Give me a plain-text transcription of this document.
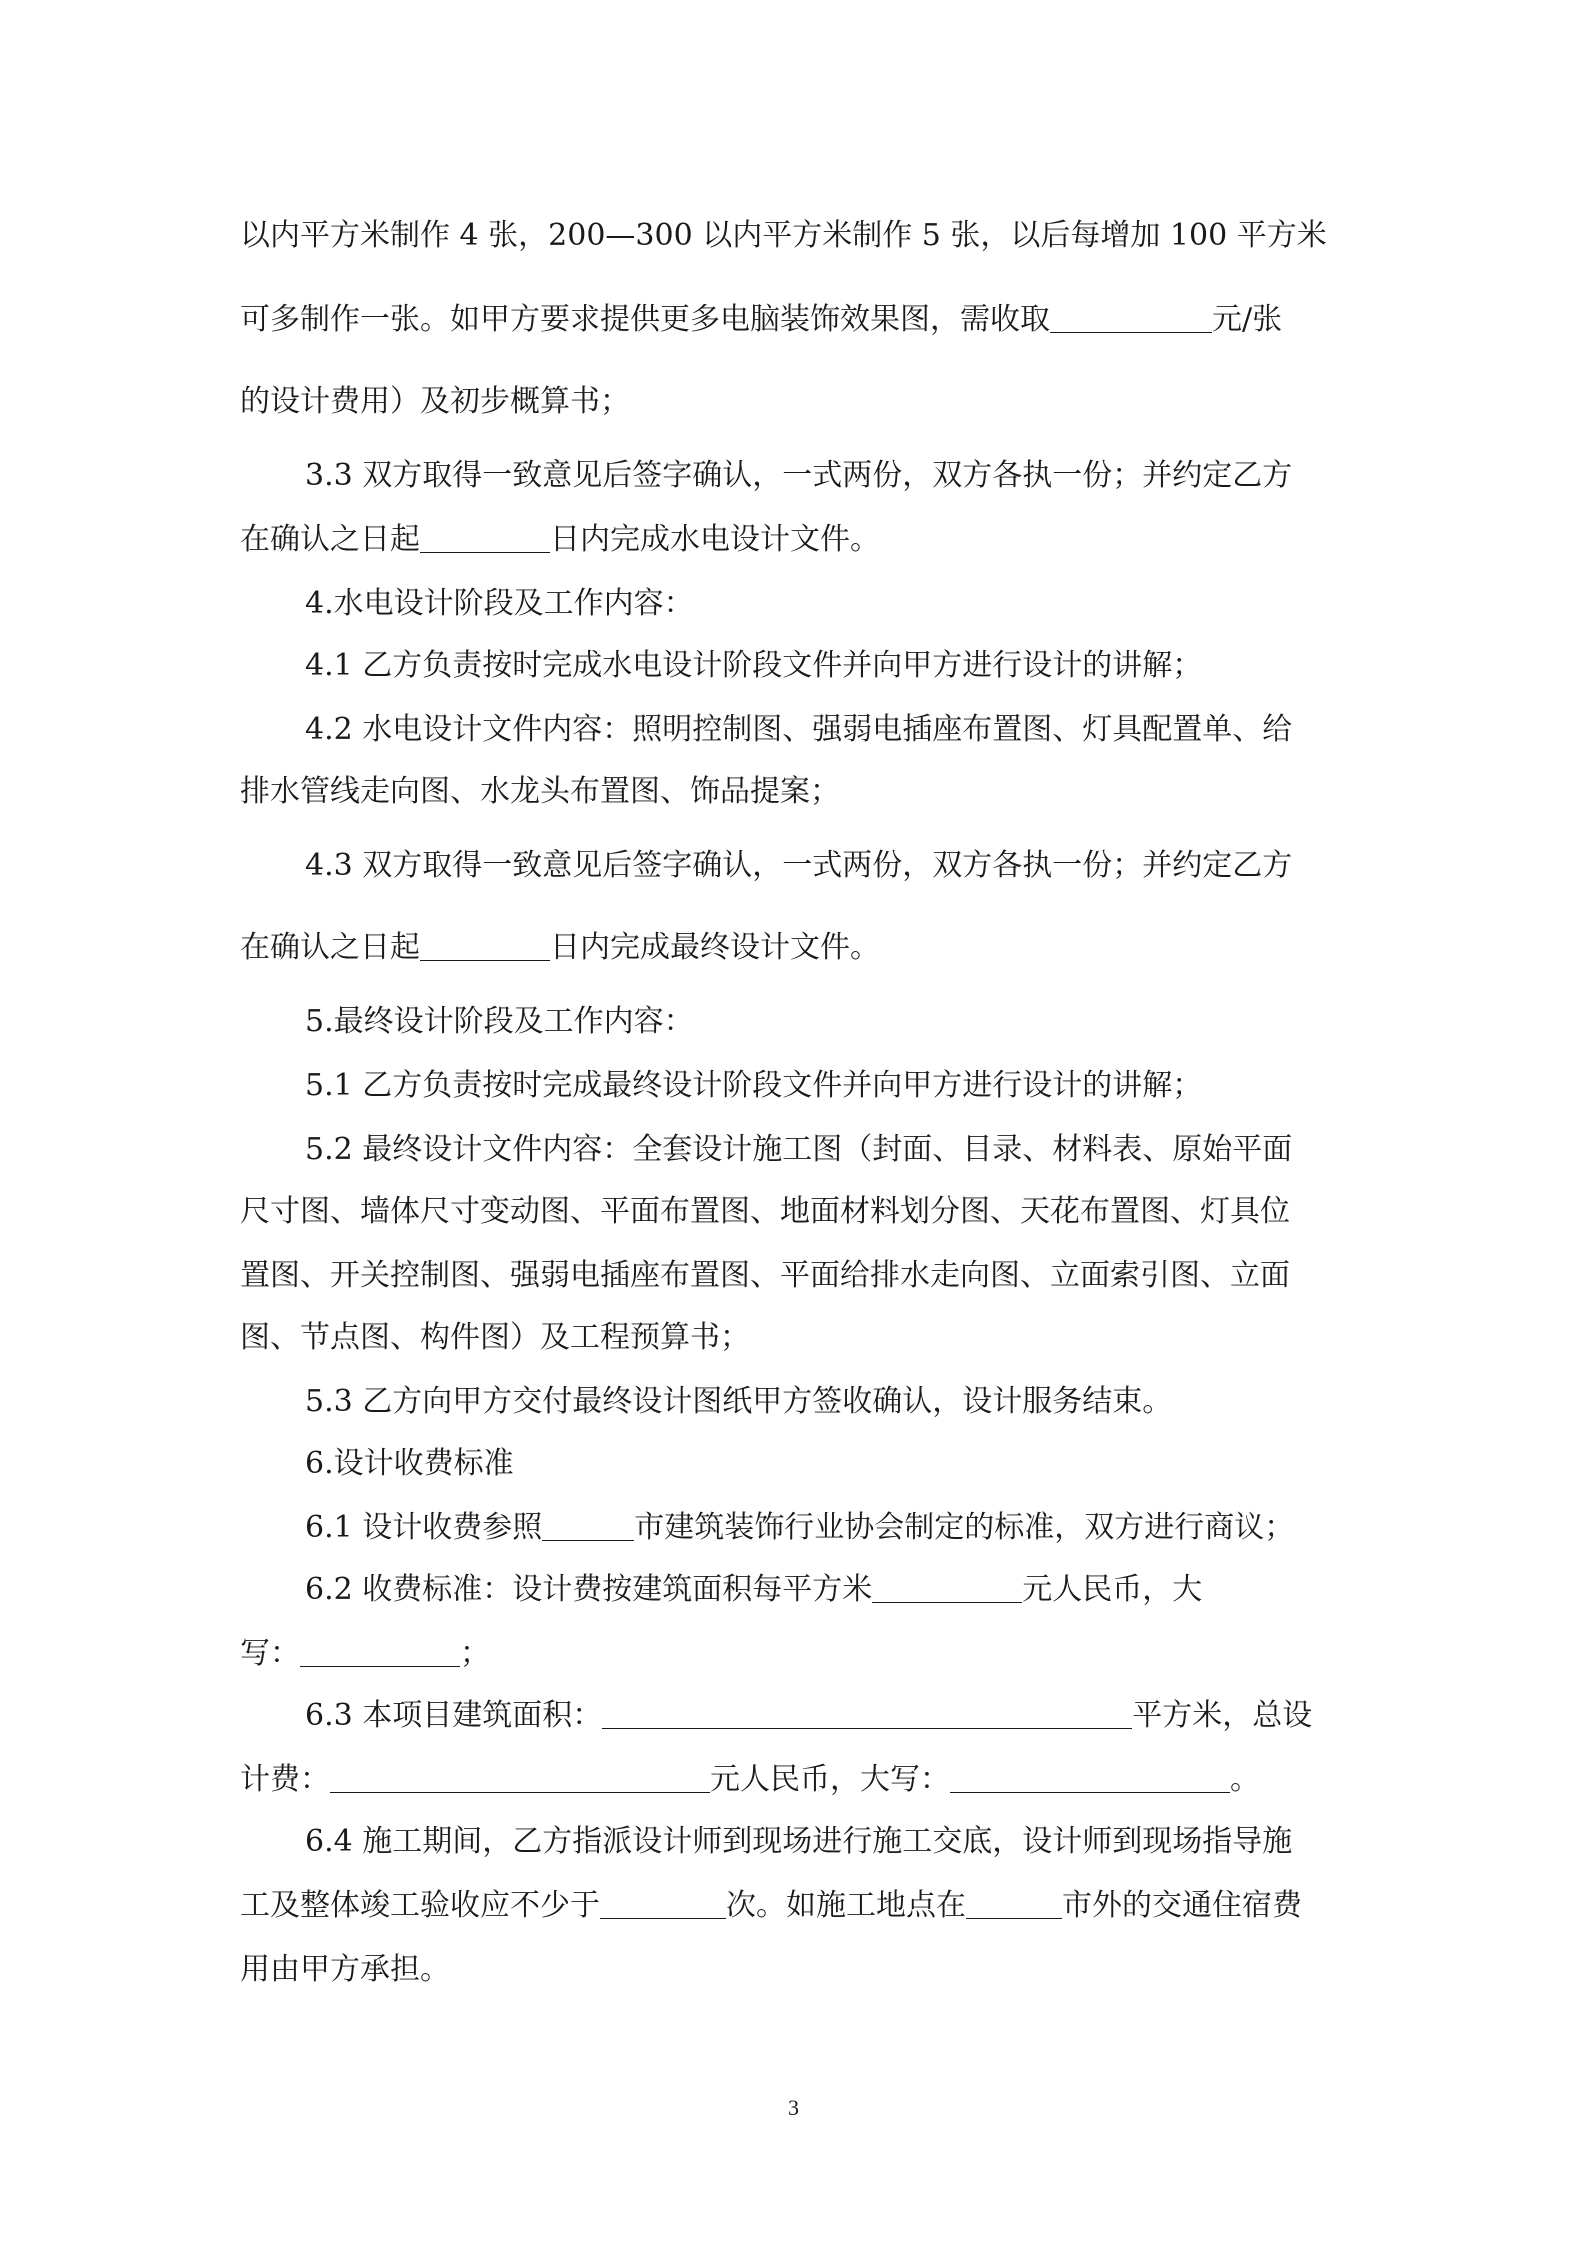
以内平方米制作 4 张，200—300 以内平方米制作 5 张，以后每增加 100 平方米
可多制作一张。如甲方要求提供更多电脑装饰效果图，需收取	元/张
的设计费用）及初步概算书；
3.3 双方取得一致意见后签字确认，一式两份，双方各执一份；并约定乙方
在确认之日起	日内完成水电设计文件。
4.水电设计阶段及工作内容：
4.1 乙方负责按时完成水电设计阶段文件并向甲方进行设计的讲解；
4.2 水电设计文件内容：照明控制图、强弱电插座布置图、灯具配置单、给
排水管线走向图、水龙头布置图、饰品提案；
4.3 双方取得一致意见后签字确认，一式两份，双方各执一份；并约定乙方
在确认之日起	日内完成最终设计文件。
5.最终设计阶段及工作内容：
5.1 乙方负责按时完成最终设计阶段文件并向甲方进行设计的讲解；
5.2 最终设计文件内容：全套设计施工图（封面、目录、材料表、原始平面
尺寸图、墙体尺寸变动图、平面布置图、地面材料划分图、天花布置图、灯具位
置图、开关控制图、强弱电插座布置图、平面给排水走向图、立面索引图、立面
图、节点图、构件图）及工程预算书；
5.3 乙方向甲方交付最终设计图纸甲方签收确认，设计服务结束。
6.设计收费标准
6.1 设计收费参照	市建筑装饰行业协会制定的标准，双方进行商议；
6.2 收费标准：设计费按建筑面积每平方米	元人民币，大
写：	；
6.3 本项目建筑面积：	平方米，总设
计费：	元人民币，大写：	。
6.4 施工期间，乙方指派设计师到现场进行施工交底，设计师到现场指导施
工及整体竣工验收应不少于	次。如施工地点在	市外的交通住宿费
用由甲方承担。
3
